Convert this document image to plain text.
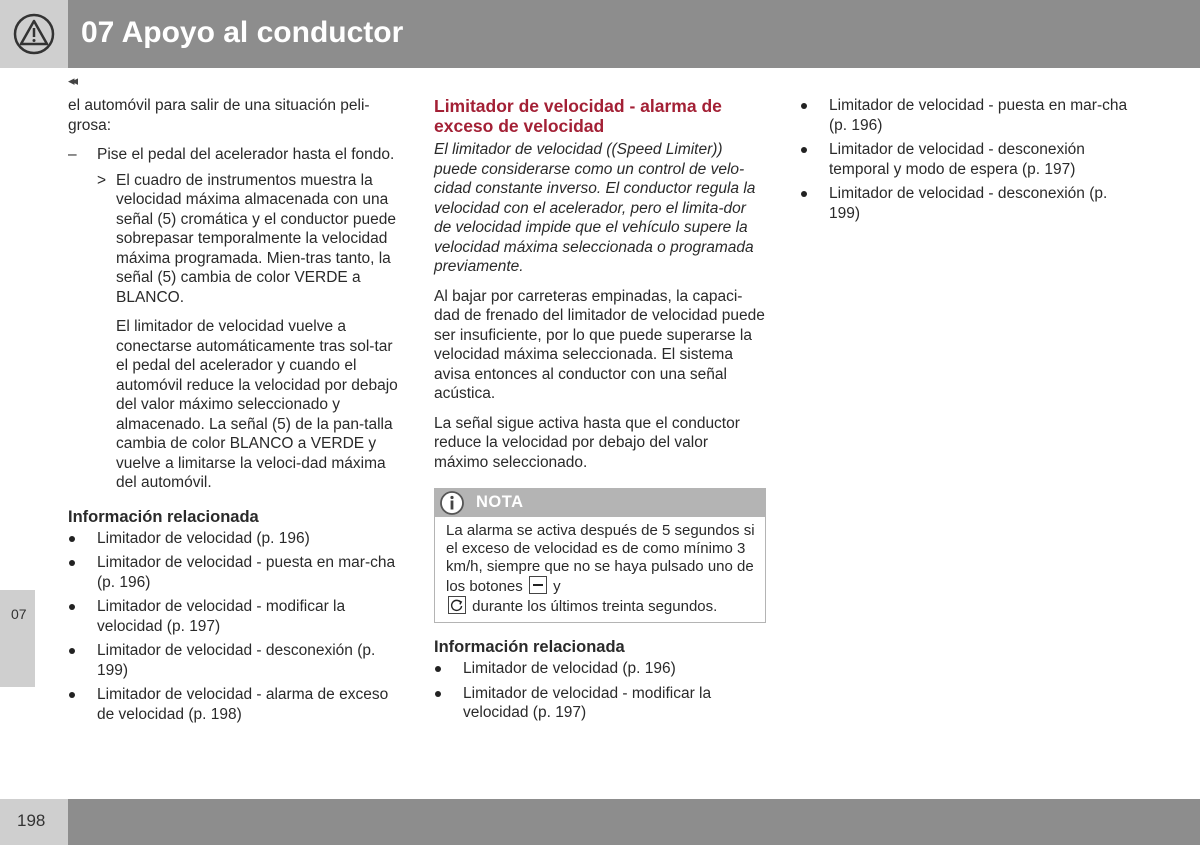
07 Apoyo al conductor
◂◂
07

el automóvil para salir de una situación peli-grosa:

– Pise el pedal del acelerador hasta el fondo.
> El cuadro de instrumentos muestra la velocidad máxima almacenada con una señal (5) cromática y el conductor puede sobrepasar temporalmente la velocidad máxima programada. Mien-tras tanto, la señal (5) cambia de color VERDE a BLANCO.

El limitador de velocidad vuelve a conectarse automáticamente tras sol-tar el pedal del acelerador y cuando el automóvil reduce la velocidad por debajo del valor máximo seleccionado y almacenado. La señal (5) de la pan-talla cambia de color BLANCO a VERDE y vuelve a limitarse la veloci-dad máxima del automóvil.

Información relacionada
Limitador de velocidad (p. 196)
Limitador de velocidad - puesta en mar-cha (p. 196)
Limitador de velocidad - modificar la velocidad (p. 197)
Limitador de velocidad - desconexión (p. 199)
Limitador de velocidad - alarma de exceso de velocidad (p. 198)
Limitador de velocidad - alarma de exceso de velocidad

El limitador de velocidad ((Speed Limiter)) puede considerarse como un control de velo-cidad constante inverso. El conductor regula la velocidad con el acelerador, pero el limita-dor de velocidad impide que el vehículo supere la velocidad máxima seleccionada o programada previamente.

Al bajar por carreteras empinadas, la capaci-dad de frenado del limitador de velocidad puede ser insuficiente, por lo que puede superarse la velocidad máxima seleccionada. El sistema avisa entonces al conductor con una señal acústica.

La señal sigue activa hasta que el conductor reduce la velocidad por debajo del valor máximo seleccionado.

NOTA
La alarma se activa después de 5 segundos si el exceso de velocidad es de como mínimo 3 km/h, siempre que no se haya pulsado uno de los botones y

durante los últimos treinta segundos.
Información relacionada
Limitador de velocidad (p. 196)
Limitador de velocidad - modificar la velocidad (p. 197)
Limitador de velocidad - puesta en mar-cha (p. 196)
Limitador de velocidad - desconexión temporal y modo de espera (p. 197)
Limitador de velocidad - desconexión (p. 199)
198
